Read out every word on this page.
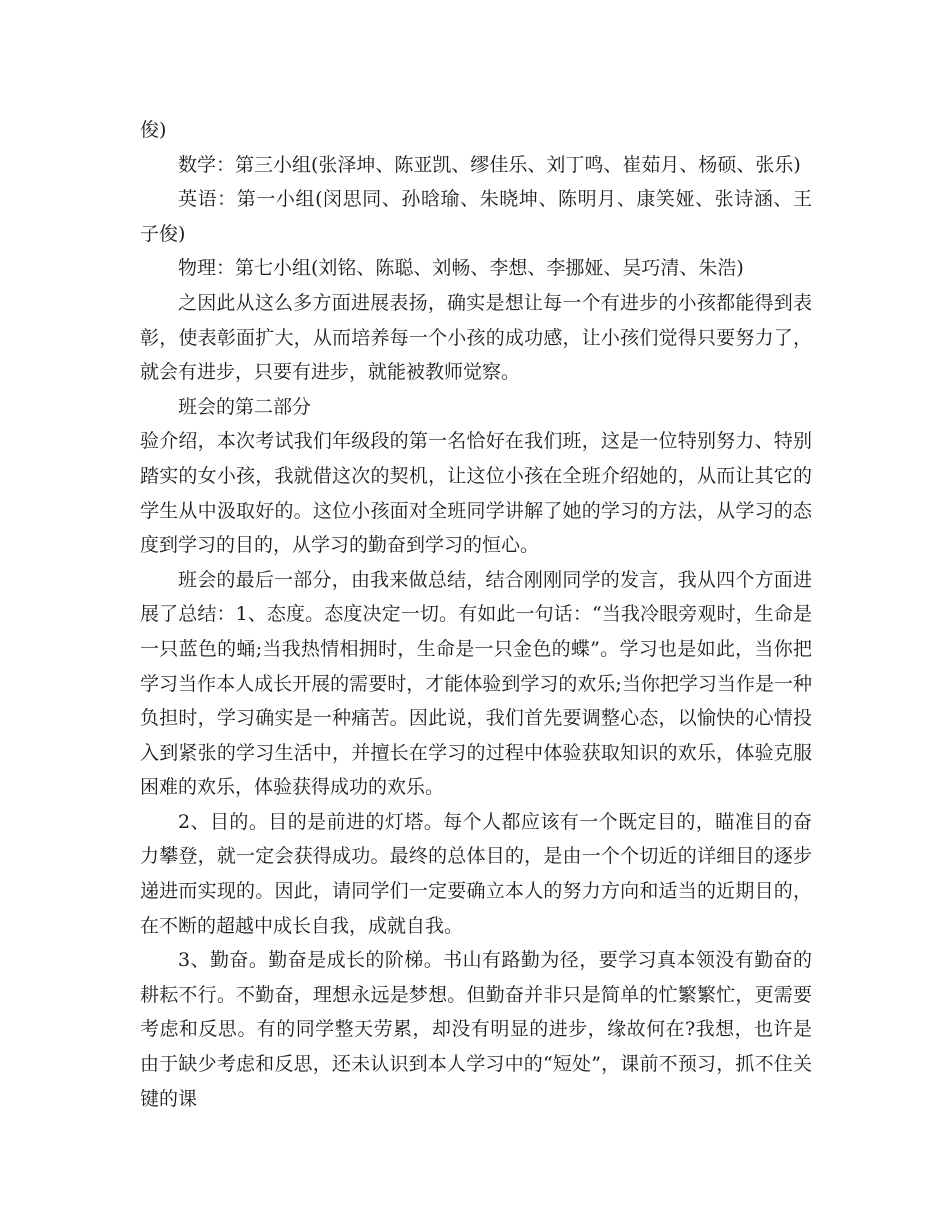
俊)

数学：第三小组(张泽坤、陈亚凯、缪佳乐、刘丁鸣、崔茹月、杨硕、张乐)

英语：第一小组(闵思同、孙晗瑜、朱晓坤、陈明月、康笑娅、张诗涵、王子俊)

物理：第七小组(刘铭、陈聪、刘畅、李想、李挪娅、吴巧清、朱浩)

之因此从这么多方面进展表扬，确实是想让每一个有进步的小孩都能得到表彰，使表彰面扩大，从而培养每一个小孩的成功感，让小孩们觉得只要努力了，就会有进步，只要有进步，就能被教师觉察。

班会的第二部分

验介绍，本次考试我们年级段的第一名恰好在我们班，这是一位特别努力、特别踏实的女小孩，我就借这次的契机，让这位小孩在全班介绍她的，从而让其它的学生从中汲取好的。这位小孩面对全班同学讲解了她的学习的方法，从学习的态度到学习的目的，从学习的勤奋到学习的恒心。

班会的最后一部分，由我来做总结，结合刚刚同学的发言，我从四个方面进展了总结：1、态度。态度决定一切。有如此一句话：“当我冷眼旁观时，生命是一只蓝色的蛹;当我热情相拥时，生命是一只金色的蝶”。学习也是如此，当你把学习当作本人成长开展的需要时，才能体验到学习的欢乐;当你把学习当作是一种负担时，学习确实是一种痛苦。因此说，我们首先要调整心态，以愉快的心情投入到紧张的学习生活中，并擅长在学习的过程中体验获取知识的欢乐，体验克服困难的欢乐，体验获得成功的欢乐。

2、目的。目的是前进的灯塔。每个人都应该有一个既定目的，瞄准目的奋力攀登，就一定会获得成功。最终的总体目的，是由一个个切近的详细目的逐步递进而实现的。因此，请同学们一定要确立本人的努力方向和适当的近期目的，在不断的超越中成长自我，成就自我。

3、勤奋。勤奋是成长的阶梯。书山有路勤为径，要学习真本领没有勤奋的耕耘不行。不勤奋，理想永远是梦想。但勤奋并非只是简单的忙繁繁忙，更需要考虑和反思。有的同学整天劳累，却没有明显的进步，缘故何在?我想，也许是由于缺少考虑和反思，还未认识到本人学习中的“短处”，课前不预习，抓不住关键的课
